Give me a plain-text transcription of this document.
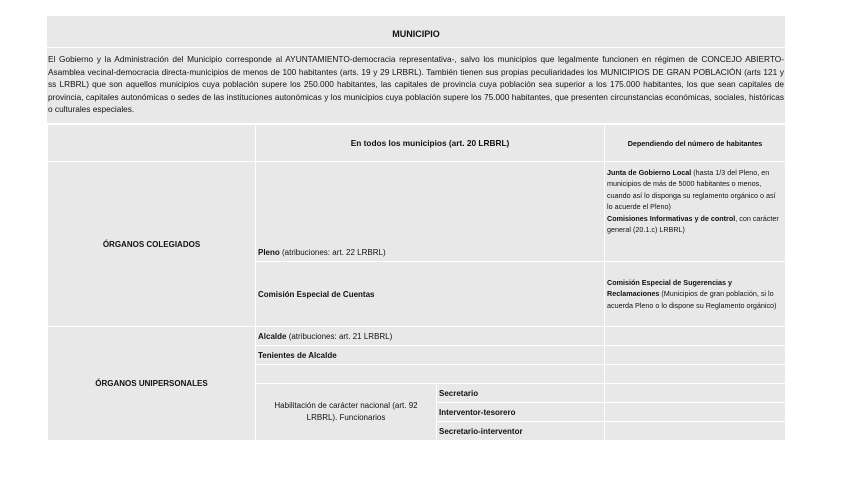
MUNICIPIO
El Gobierno y la Administración del Municipio corresponde al AYUNTAMIENTO-democracia representativa-, salvo los municipios que legalmente funcionen en régimen de CONCEJO ABIERTO-Asamblea vecinal-democracia directa-municipios de menos de 100 habitantes (arts. 19 y 29 LRBRL). También tienen sus propias peculiaridades los MUNICIPIOS DE GRAN POBLACIÓN (arts 121 y ss LRBRL) que son aquellos municipios cuya población supere los 250.000 habitantes, las capitales de provincia cuya población sea superior a los 175.000 habitantes, los que sean capitales de provincia, capitales autonómicas o sedes de las instituciones autonómicas y los municipios cuya población supere los 75.000 habitantes, que presenten circunstancias económicas, sociales, históricas o culturales especiales.
	En todos los municipios (art. 20 LRBRL)		Dependiendo del número de habitantes
ÓRGANOS COLEGIADOS	Pleno (atribuciones: art. 22 LRBRL)		Junta de Gobierno Local (hasta 1/3 del Pleno, en municipios de más de 5000 habitantes o menos, cuando así lo disponga su reglamento orgánico o así lo acuerde el Pleno)
Comisiones Informativas y de control, con carácter general (20.1.c) LRBRL)
	Comisión Especial de Cuentas		Comisión Especial de Sugerencias y Reclamaciones (Municipios de gran población, si lo acuerda Pleno o lo dispone su Reglamento orgánico)
ÓRGANOS UNIPERSONALES	Alcalde (atribuciones: art. 21 LRBRL)		
	Tenientes de Alcalde		

	Habilitación de carácter nacional (art. 92 LRBRL). Funcionarios	Secretario	
		Interventor-tesorero	
		Secretario-interventor	
